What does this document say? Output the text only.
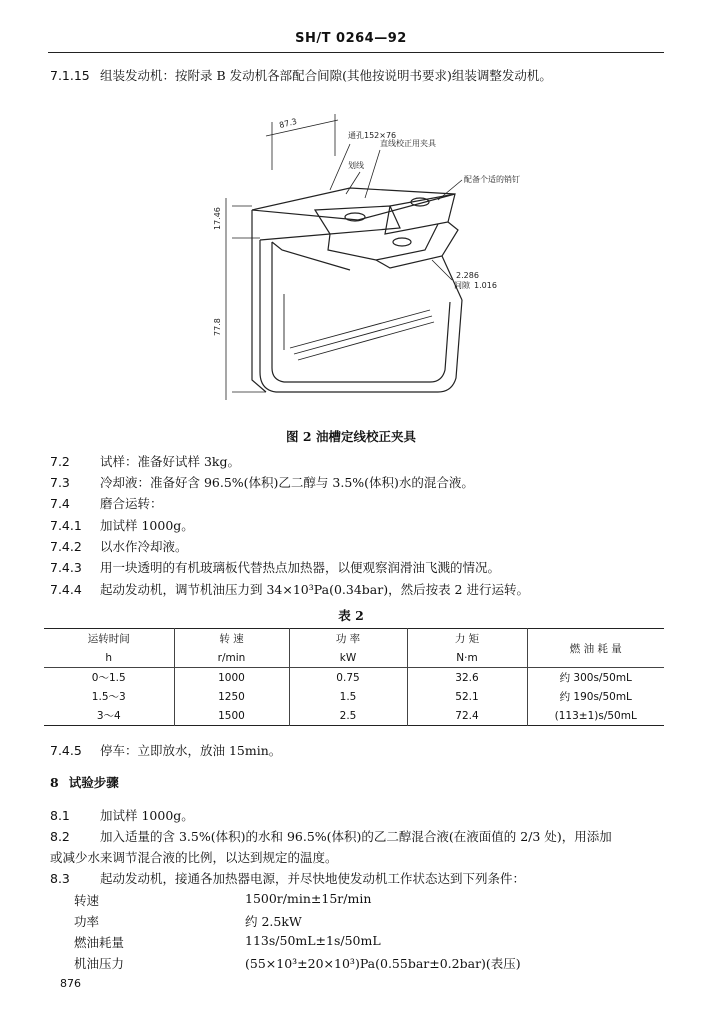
SH/T 0264—92
7.1.15 组装发动机：按附录 B 发动机各部配合间隙(其他按说明书要求)组装调整发动机。
87.3
通孔152×76
直线校正用夹具
划线
配备个适的销钉
17.46
77.8
2.286
间隙 1.016
图 2 油槽定线校正夹具
7.2 试样：准备好试样 3kg。
7.3 冷却液：准备好含 96.5%(体积)乙二醇与 3.5%(体积)水的混合液。
7.4 磨合运转：
7.4.1 加试样 1000g。
7.4.2 以水作冷却液。
7.4.3 用一块透明的有机玻璃板代替热点加热器，以便观察润滑油飞溅的情况。
7.4.4 起动发动机，调节机油压力到 34×10³Pa(0.34bar)，然后按表 2 进行运转。
表 2
运转时间	转 速	功 率	力 矩	燃 油 耗 量
h	r/min	kW	N·m	
0～1.5	1000	0.75	32.6	约 300s/50mL
1.5～3	1250	1.5	52.1	约 190s/50mL
3～4	1500	2.5	72.4	(113±1)s/50mL
7.4.5 停车：立即放水，放油 15min。
8 试验步骤
8.1 加试样 1000g。
8.2 加入适量的含 3.5%(体积)的水和 96.5%(体积)的乙二醇混合液(在液面值的 2/3 处)，用添加
或减少水来调节混合液的比例，以达到规定的温度。
8.3 起动发动机，接通各加热器电源，并尽快地使发动机工作状态达到下列条件：
转速	1500r/min±15r/min
功率	约 2.5kW
燃油耗量	113s/50mL±1s/50mL
机油压力	(55×10³±20×10³)Pa(0.55bar±0.2bar)(表压)
876
